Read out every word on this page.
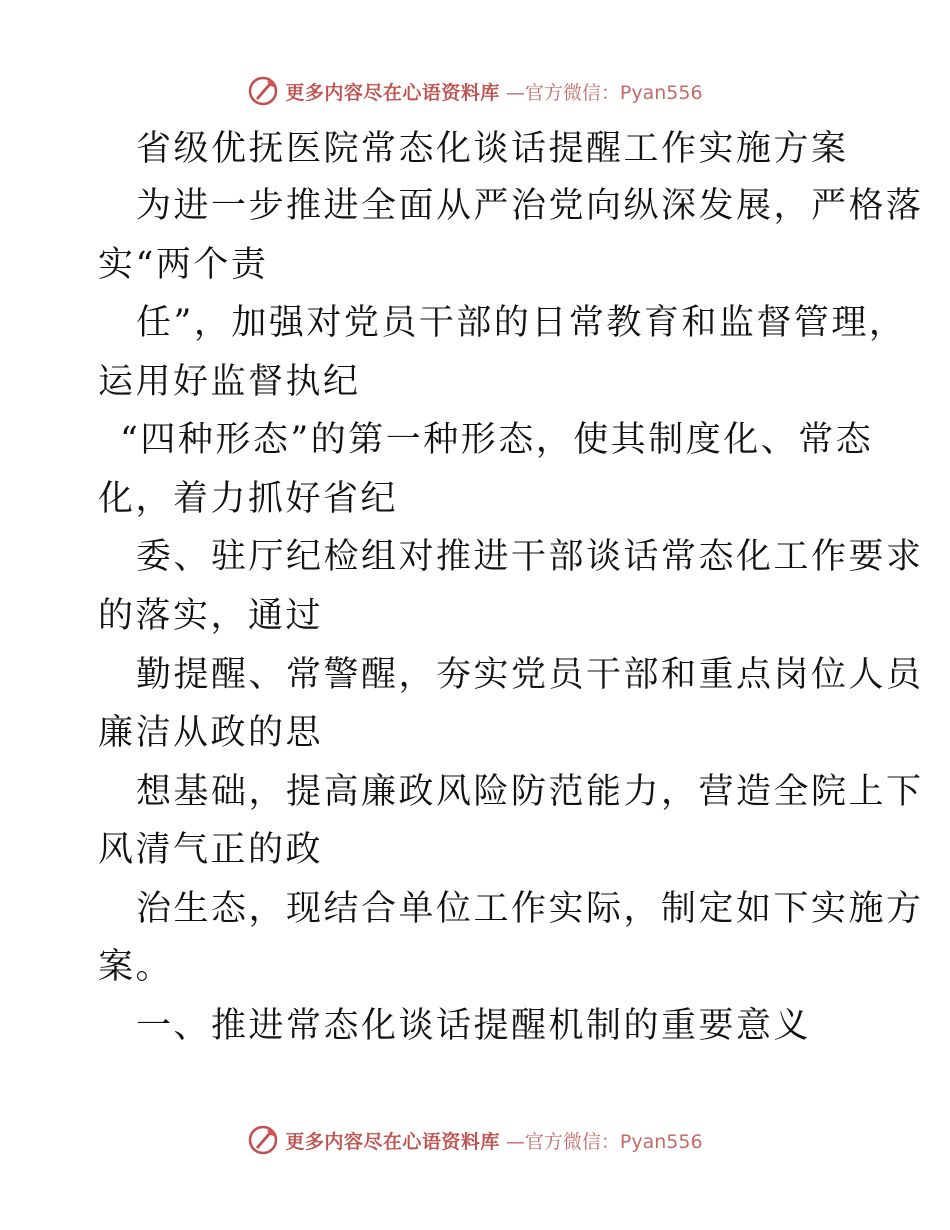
更多内容尽在心语资料库 —官方微信：Pyan556
省级优抚医院常态化谈话提醒工作实施方案
为进一步推进全面从严治党向纵深发展，严格落
实“两个责
任”，加强对党员干部的日常教育和监督管理，
运用好监督执纪
“四种形态”的第一种形态，使其制度化、常态
化，着力抓好省纪
委、驻厅纪检组对推进干部谈话常态化工作要求
的落实，通过
勤提醒、常警醒，夯实党员干部和重点岗位人员
廉洁从政的思
想基础，提高廉政风险防范能力，营造全院上下
风清气正的政
治生态，现结合单位工作实际，制定如下实施方
案。
一、推进常态化谈话提醒机制的重要意义
更多内容尽在心语资料库 —官方微信：Pyan556
